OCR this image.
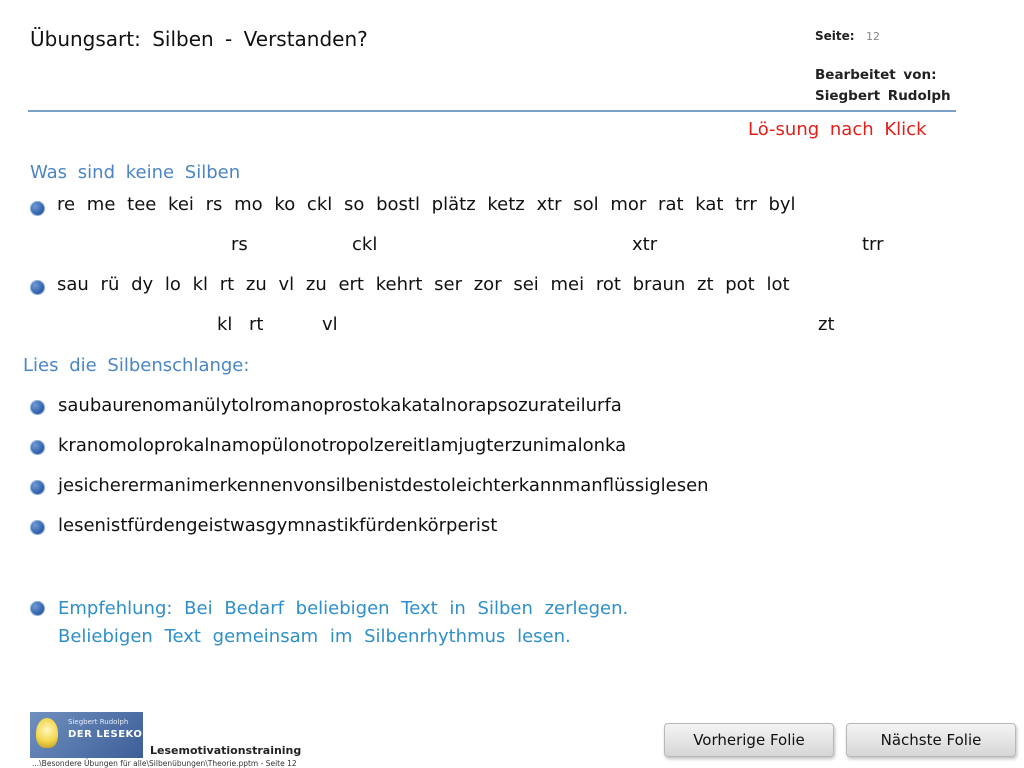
Übungsart: Silben - Verstanden?	Seite: 12
Bearbeitet von:
Siegbert Rudolph
Lö-sung nach Klick
Was sind keine Silben
re me tee kei rs mo ko ckl so bostl plätz ketz xtr sol mor rat kat trr byl
rs	ckl	xtr	trr
sau rü dy lo kl rt zu vl zu ert kehrt ser zor sei mei rot braun zt pot lot
kl rt	vl	zt
Lies die Silbenschlange:
saubaurenomanülytolromanoprostokakatalnorapsozurateilurfa
kranomoloprokalnamopülonotropolzereitlamjugterzunimalonka
jesicherermanimerkennenvonsilbenistdestoleichterkannmanflüssiglesen
lesenistfürdengeistwasgymnastikfürdenkörperist
Empfehlung: Bei Bedarf beliebigen Text in Silben zerlegen.
Beliebigen Text gemeinsam im Silbenrhythmus lesen.
Siegbert Rudolph
DER LESEKOCH
Lesemotivationstraining
...\Besondere Übungen für alle\Silbenübungen\Theorie.pptm - Seite 12
Vorherige Folie	Nächste Folie
